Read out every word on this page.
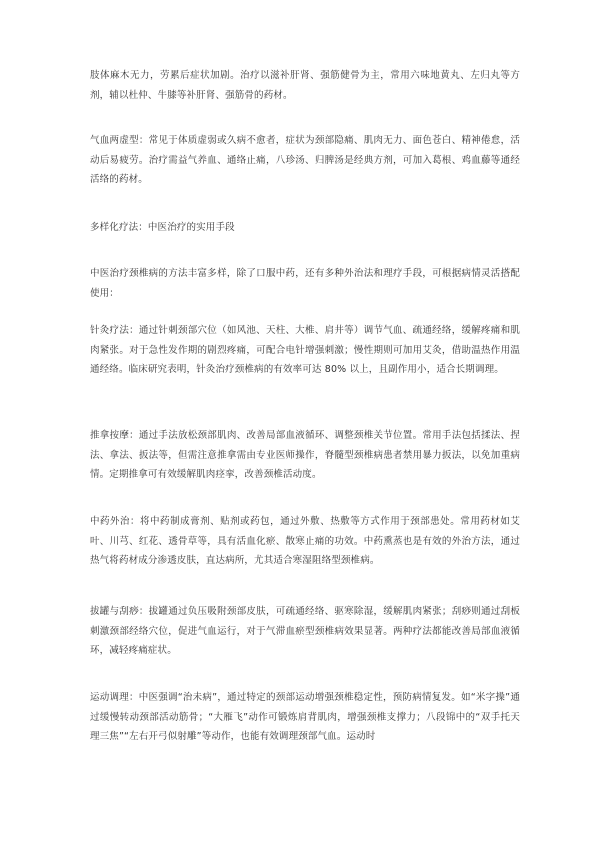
肢体麻木无力，劳累后症状加剧。治疗以滋补肝肾、强筋健骨为主，常用六味地黄丸、左归丸等方剂，辅以杜仲、牛膝等补肝肾、强筋骨的药材。

气血两虚型：常见于体质虚弱或久病不愈者，症状为颈部隐痛、肌肉无力、面色苍白、精神倦怠，活动后易疲劳。治疗需益气养血、通络止痛，八珍汤、归脾汤是经典方剂，可加入葛根、鸡血藤等通经活络的药材。

多样化疗法：中医治疗的实用手段

中医治疗颈椎病的方法丰富多样，除了口服中药，还有多种外治法和理疗手段，可根据病情灵活搭配使用：

针灸疗法：通过针刺颈部穴位（如风池、天柱、大椎、肩井等）调节气血、疏通经络，缓解疼痛和肌肉紧张。对于急性发作期的剧烈疼痛，可配合电针增强刺激；慢性期则可加用艾灸，借助温热作用温通经络。临床研究表明，针灸治疗颈椎病的有效率可达 80% 以上，且副作用小，适合长期调理。

推拿按摩：通过手法放松颈部肌肉、改善局部血液循环、调整颈椎关节位置。常用手法包括揉法、捏法、拿法、扳法等，但需注意推拿需由专业医师操作，脊髓型颈椎病患者禁用暴力扳法，以免加重病情。定期推拿可有效缓解肌肉痉挛，改善颈椎活动度。

中药外治：将中药制成膏剂、贴剂或药包，通过外敷、热敷等方式作用于颈部患处。常用药材如艾叶、川芎、红花、透骨草等，具有活血化瘀、散寒止痛的功效。中药熏蒸也是有效的外治方法，通过热气将药材成分渗透皮肤，直达病所，尤其适合寒湿阻络型颈椎病。

拔罐与刮痧：拔罐通过负压吸附颈部皮肤，可疏通经络、驱寒除湿，缓解肌肉紧张；刮痧则通过刮板刺激颈部经络穴位，促进气血运行，对于气滞血瘀型颈椎病效果显著。两种疗法都能改善局部血液循环，减轻疼痛症状。

运动调理：中医强调“治未病”，通过特定的颈部运动增强颈椎稳定性，预防病情复发。如“米字操”通过缓慢转动颈部活动筋骨；“大雁飞”动作可锻炼肩背肌肉，增强颈椎支撑力；八段锦中的“双手托天理三焦”“左右开弓似射雕”等动作，也能有效调理颈部气血。运动时
